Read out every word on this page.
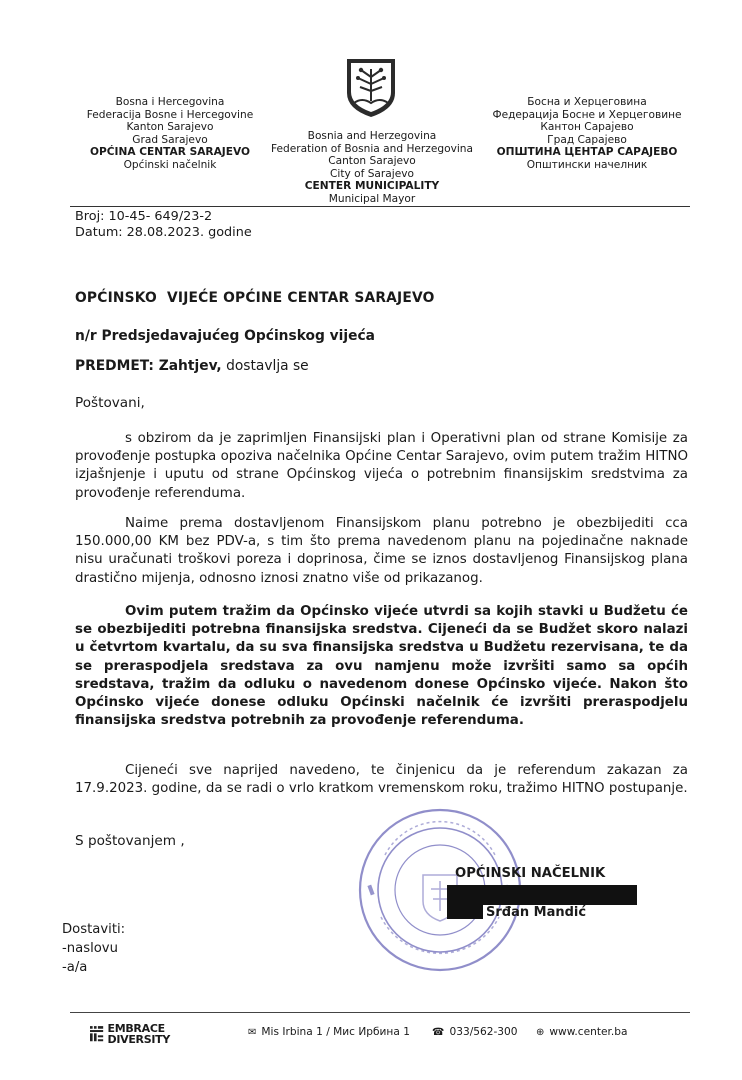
Bosna i Hercegovina
Federacija Bosne i Hercegovine
Kanton Sarajevo
Grad Sarajevo
OPĆINA CENTAR SARAJEVO
Općinski načelnik
Bosnia and Herzegovina
Federation of Bosnia and Herzegovina
Canton Sarajevo
City of Sarajevo
CENTER MUNICIPALITY
Municipal Mayor
Босна и Херцеговина
Федерација Босне и Херцеговине
Кантон Сарајево
Град Сарајево
ОПШТИНА ЦЕНТАР САРАЈЕВО
Општински начелник
Broj: 10-45- 649/23-2
Datum: 28.08.2023. godine
OPĆINSKO  VIJEĆE OPĆINE CENTAR SARAJEVO
n/r Predsjedavajućeg Općinskog vijeća
PREDMET: Zahtjev, dostavlja se
Poštovani,
s obzirom da je zaprimljen Finansijski plan i Operativni plan od strane Komisije za provođenje postupka opoziva načelnika Općine Centar Sarajevo, ovim putem tražim HITNO izjašnjenje i uputu od strane Općinskog vijeća o potrebnim finansijskim sredstvima za provođenje referenduma.
Naime prema dostavljenom Finansijskom planu potrebno je obezbijediti cca 150.000,00 KM bez PDV-a, s tim što prema navedenom planu na pojedinačne naknade nisu uračunati troškovi poreza i doprinosa, čime se iznos dostavljenog Finansijskog plana drastično mijenja, odnosno iznosi znatno više od prikazanog.
Ovim putem tražim da Općinsko vijeće utvrdi sa kojih stavki u Budžetu će se obezbijediti potrebna finansijska sredstva. Cijeneći da se Budžet skoro nalazi u četvrtom kvartalu, da su sva finansijska sredstva u Budžetu rezervisana, te da se preraspodjela sredstava za ovu namjenu može izvršiti samo sa općih sredstava, tražim da odluku o navedenom donese Općinsko vijeće. Nakon što Općinsko vijeće donese odluku Općinski načelnik će izvršiti preraspodjelu finansijska sredstva potrebnih za provođenje referenduma.
Cijeneći sve naprijed navedeno, te činjenicu da je referendum zakazan za 17.9.2023. godine, da se radi o vrlo kratkom vremenskom roku, tražimo HITNO postupanje.
S poštovanjem ,
OPĆINSKI NAČELNIK
Srđan Mandić
Dostaviti:
-naslovu
-a/a
EMBRACE
DIVERSITY
✉ Mis Irbina 1 / Мис Ирбина 1 ☎ 033/562-300 ⊕ www.center.ba
